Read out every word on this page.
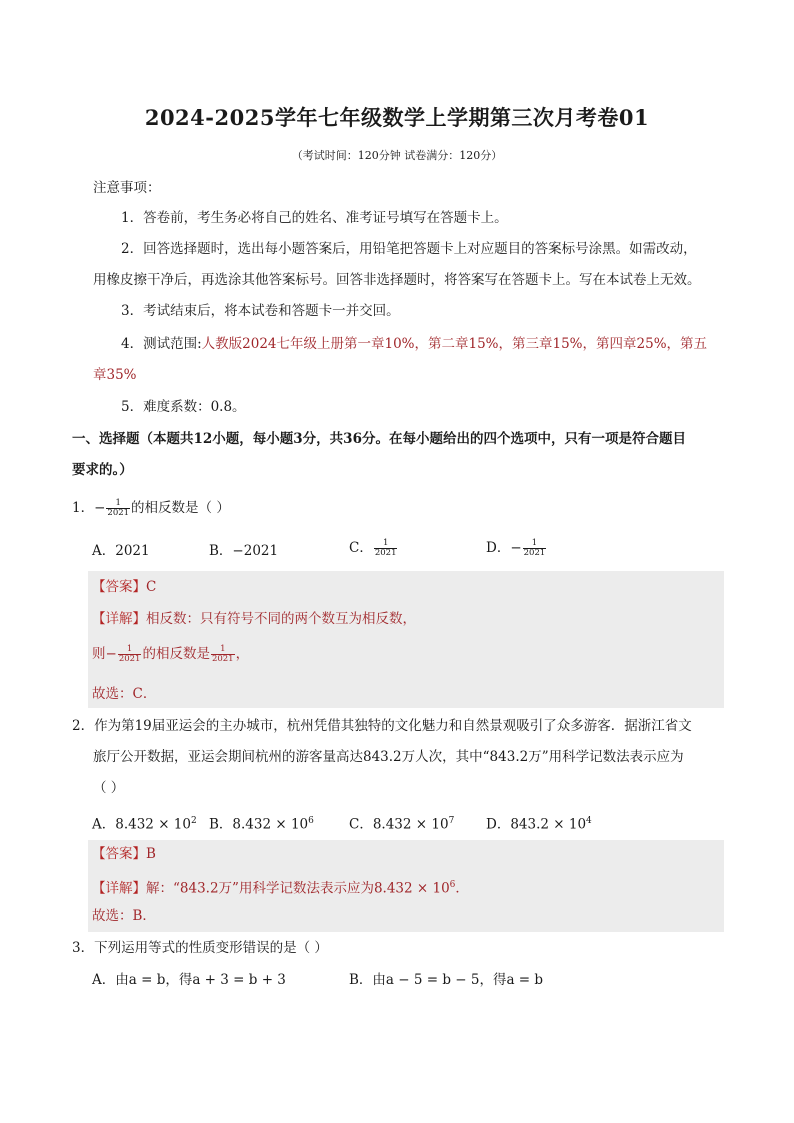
2024-2025学年七年级数学上学期第三次月考卷01
（考试时间：120分钟 试卷满分：120分）
注意事项：
1．答卷前，考生务必将自己的姓名、准考证号填写在答题卡上。
2．回答选择题时，选出每小题答案后，用铅笔把答题卡上对应题目的答案标号涂黑。如需改动，
用橡皮擦干净后，再选涂其他答案标号。回答非选择题时，将答案写在答题卡上。写在本试卷上无效。
3．考试结束后，将本试卷和答题卡一并交回。
4．测试范围:人教版2024七年级上册第一章10%，第二章15%，第三章15%，第四章25%，第五
章35%
5．难度系数：0.8。
一、选择题（本题共12小题，每小题3分，共36分。在每小题给出的四个选项中，只有一项是符合题目
要求的。）
1．− $\frac{1}{2021}$ 的相反数是（ ）
A．2021	B．−2021	C． $\frac{1}{2021}$	D．− $\frac{1}{2021}$
【答案】C
【详解】相反数：只有符号不同的两个数互为相反数，
则− $\frac{1}{2021}$ 的相反数是 $\frac{1}{2021}$ ，
故选：C．
2．作为第19届亚运会的主办城市，杭州凭借其独特的文化魅力和自然景观吸引了众多游客．据浙江省文
旅厅公开数据，亚运会期间杭州的游客量高达843.2万人次，其中“843.2万”用科学记数法表示应为
（ ）
A．$8.432 \times 10^2$ B．$8.432 \times 10^6$	C．$8.432 \times 10^7$ D．$843.2 \times 10^4$
【答案】B
【详解】解：“843.2万”用科学记数法表示应为$8.432 \times 10^6$．
故选：B．
3．下列运用等式的性质变形错误的是（ ）
A．由a = b，得a + 3 = b + 3	B．由a − 5 = b − 5，得a = b
